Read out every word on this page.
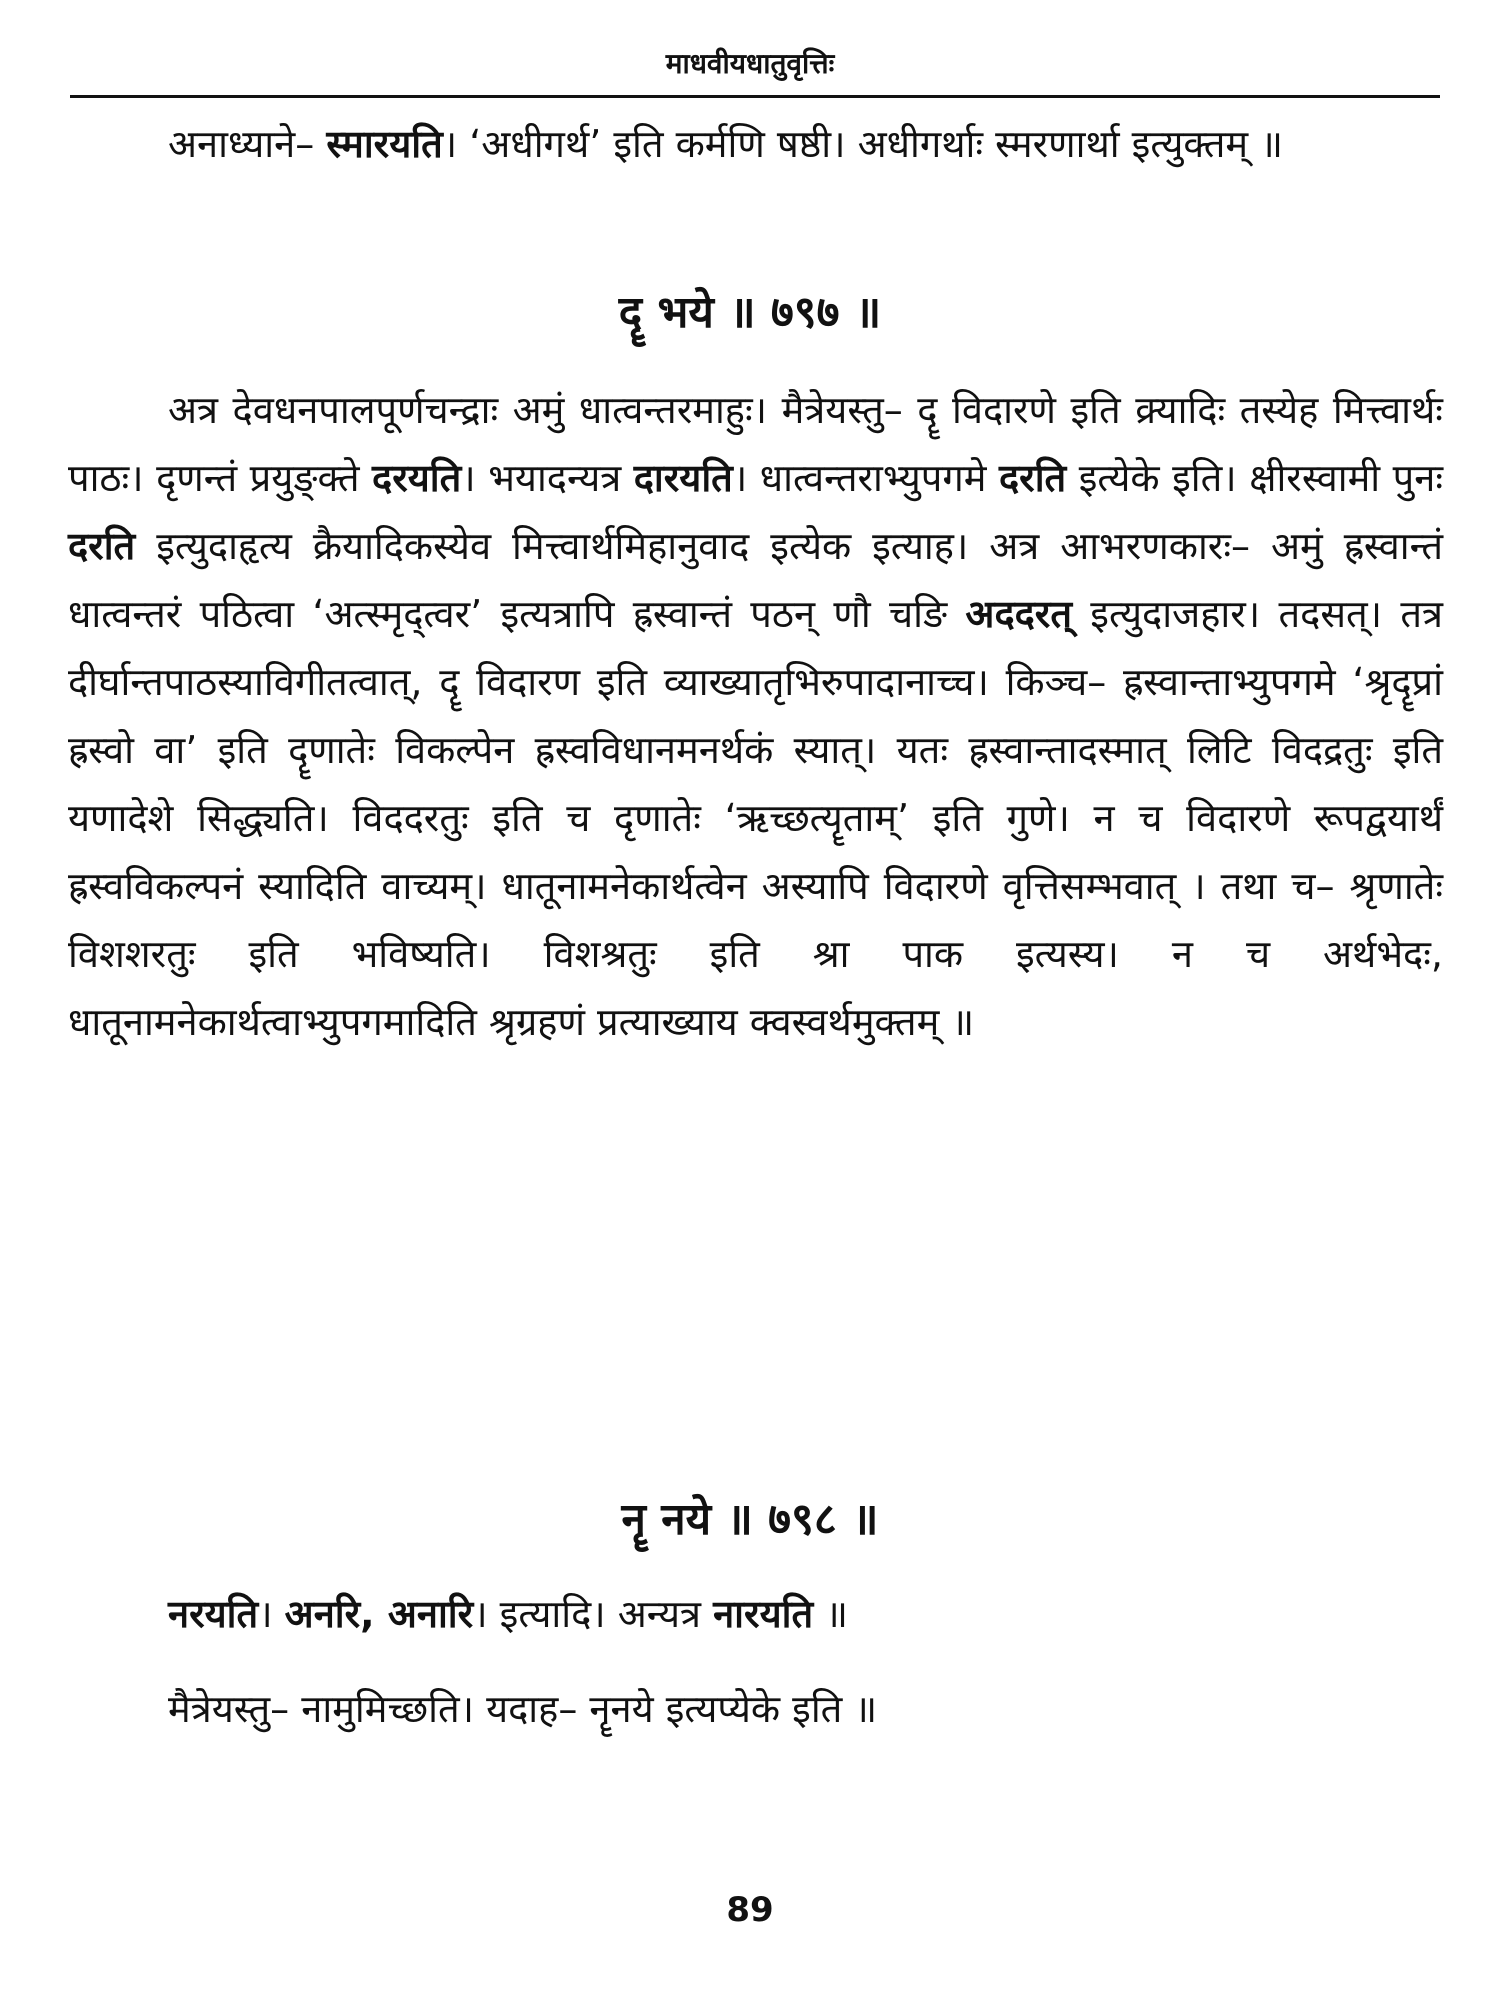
माधवीयधातुवृत्तिः
अनाध्याने– स्मारयति। ‘अधीगर्थ’ इति कर्मणि षष्ठी। अधीगर्थाः स्मरणार्था इत्युक्तम् ॥
दॄ भये ॥ ७९७ ॥
अत्र देवधनपालपूर्णचन्द्राः अमुं धात्वन्तरमाहुः। मैत्रेयस्तु– दॄ विदारणे इति क्र्यादिः तस्येह मित्त्वार्थः पाठः। दृणन्तं प्रयुङ्क्ते दरयति। भयादन्यत्र दारयति। धात्वन्तराभ्युपगमे दरति इत्येके इति। क्षीरस्वामी पुनः दरति इत्युदाहृत्य क्रैयादिकस्येव मित्त्वार्थमिहानुवाद इत्येक इत्याह। अत्र आभरणकारः– अमुं ह्रस्वान्तं धात्वन्तरं पठित्वा ‘अत्स्मृद्‍त्वर’ इत्यत्रापि ह्रस्वान्तं पठन् णौ चङि अददरत् इत्युदाजहार। तदसत्। तत्र दीर्घान्तपाठस्याविगीतत्वात्, दॄ विदारण इति व्याख्यातृभिरुपादानाच्च। किञ्च– ह्रस्वान्ताभ्युपगमे ‘श्रृदॄप्रां ह्रस्वो वा’ इति दॄणातेः विकल्पेन ह्रस्वविधानमनर्थकं स्यात्। यतः ह्रस्वान्तादस्मात् लिटि विदद्रतुः इति यणादेशे सिद्ध्यति। विददरतुः इति च दृणातेः ‘ऋच्छत्यॄताम्’ इति गुणे। न च विदारणे रूपद्वयार्थं ह्रस्वविकल्पनं स्यादिति वाच्यम्। धातूनामनेकार्थत्वेन अस्यापि विदारणे वृत्तिसम्भवात् । तथा च– श्रृणातेः विशशरतुः इति भविष्यति। विशश्रतुः इति श्रा पाक इत्यस्य। न च अर्थभेदः, धातूनामनेकार्थत्वाभ्युपगमादिति श्रृग्रहणं प्रत्याख्याय क्वस्वर्थमुक्तम् ॥
नॄ नये ॥ ७९८ ॥
नरयति। अनरि, अनारि। इत्यादि। अन्यत्र नारयति ॥
मैत्रेयस्तु– नामुमिच्छति। यदाह– नॄनये इत्यप्येके इति ॥
89
